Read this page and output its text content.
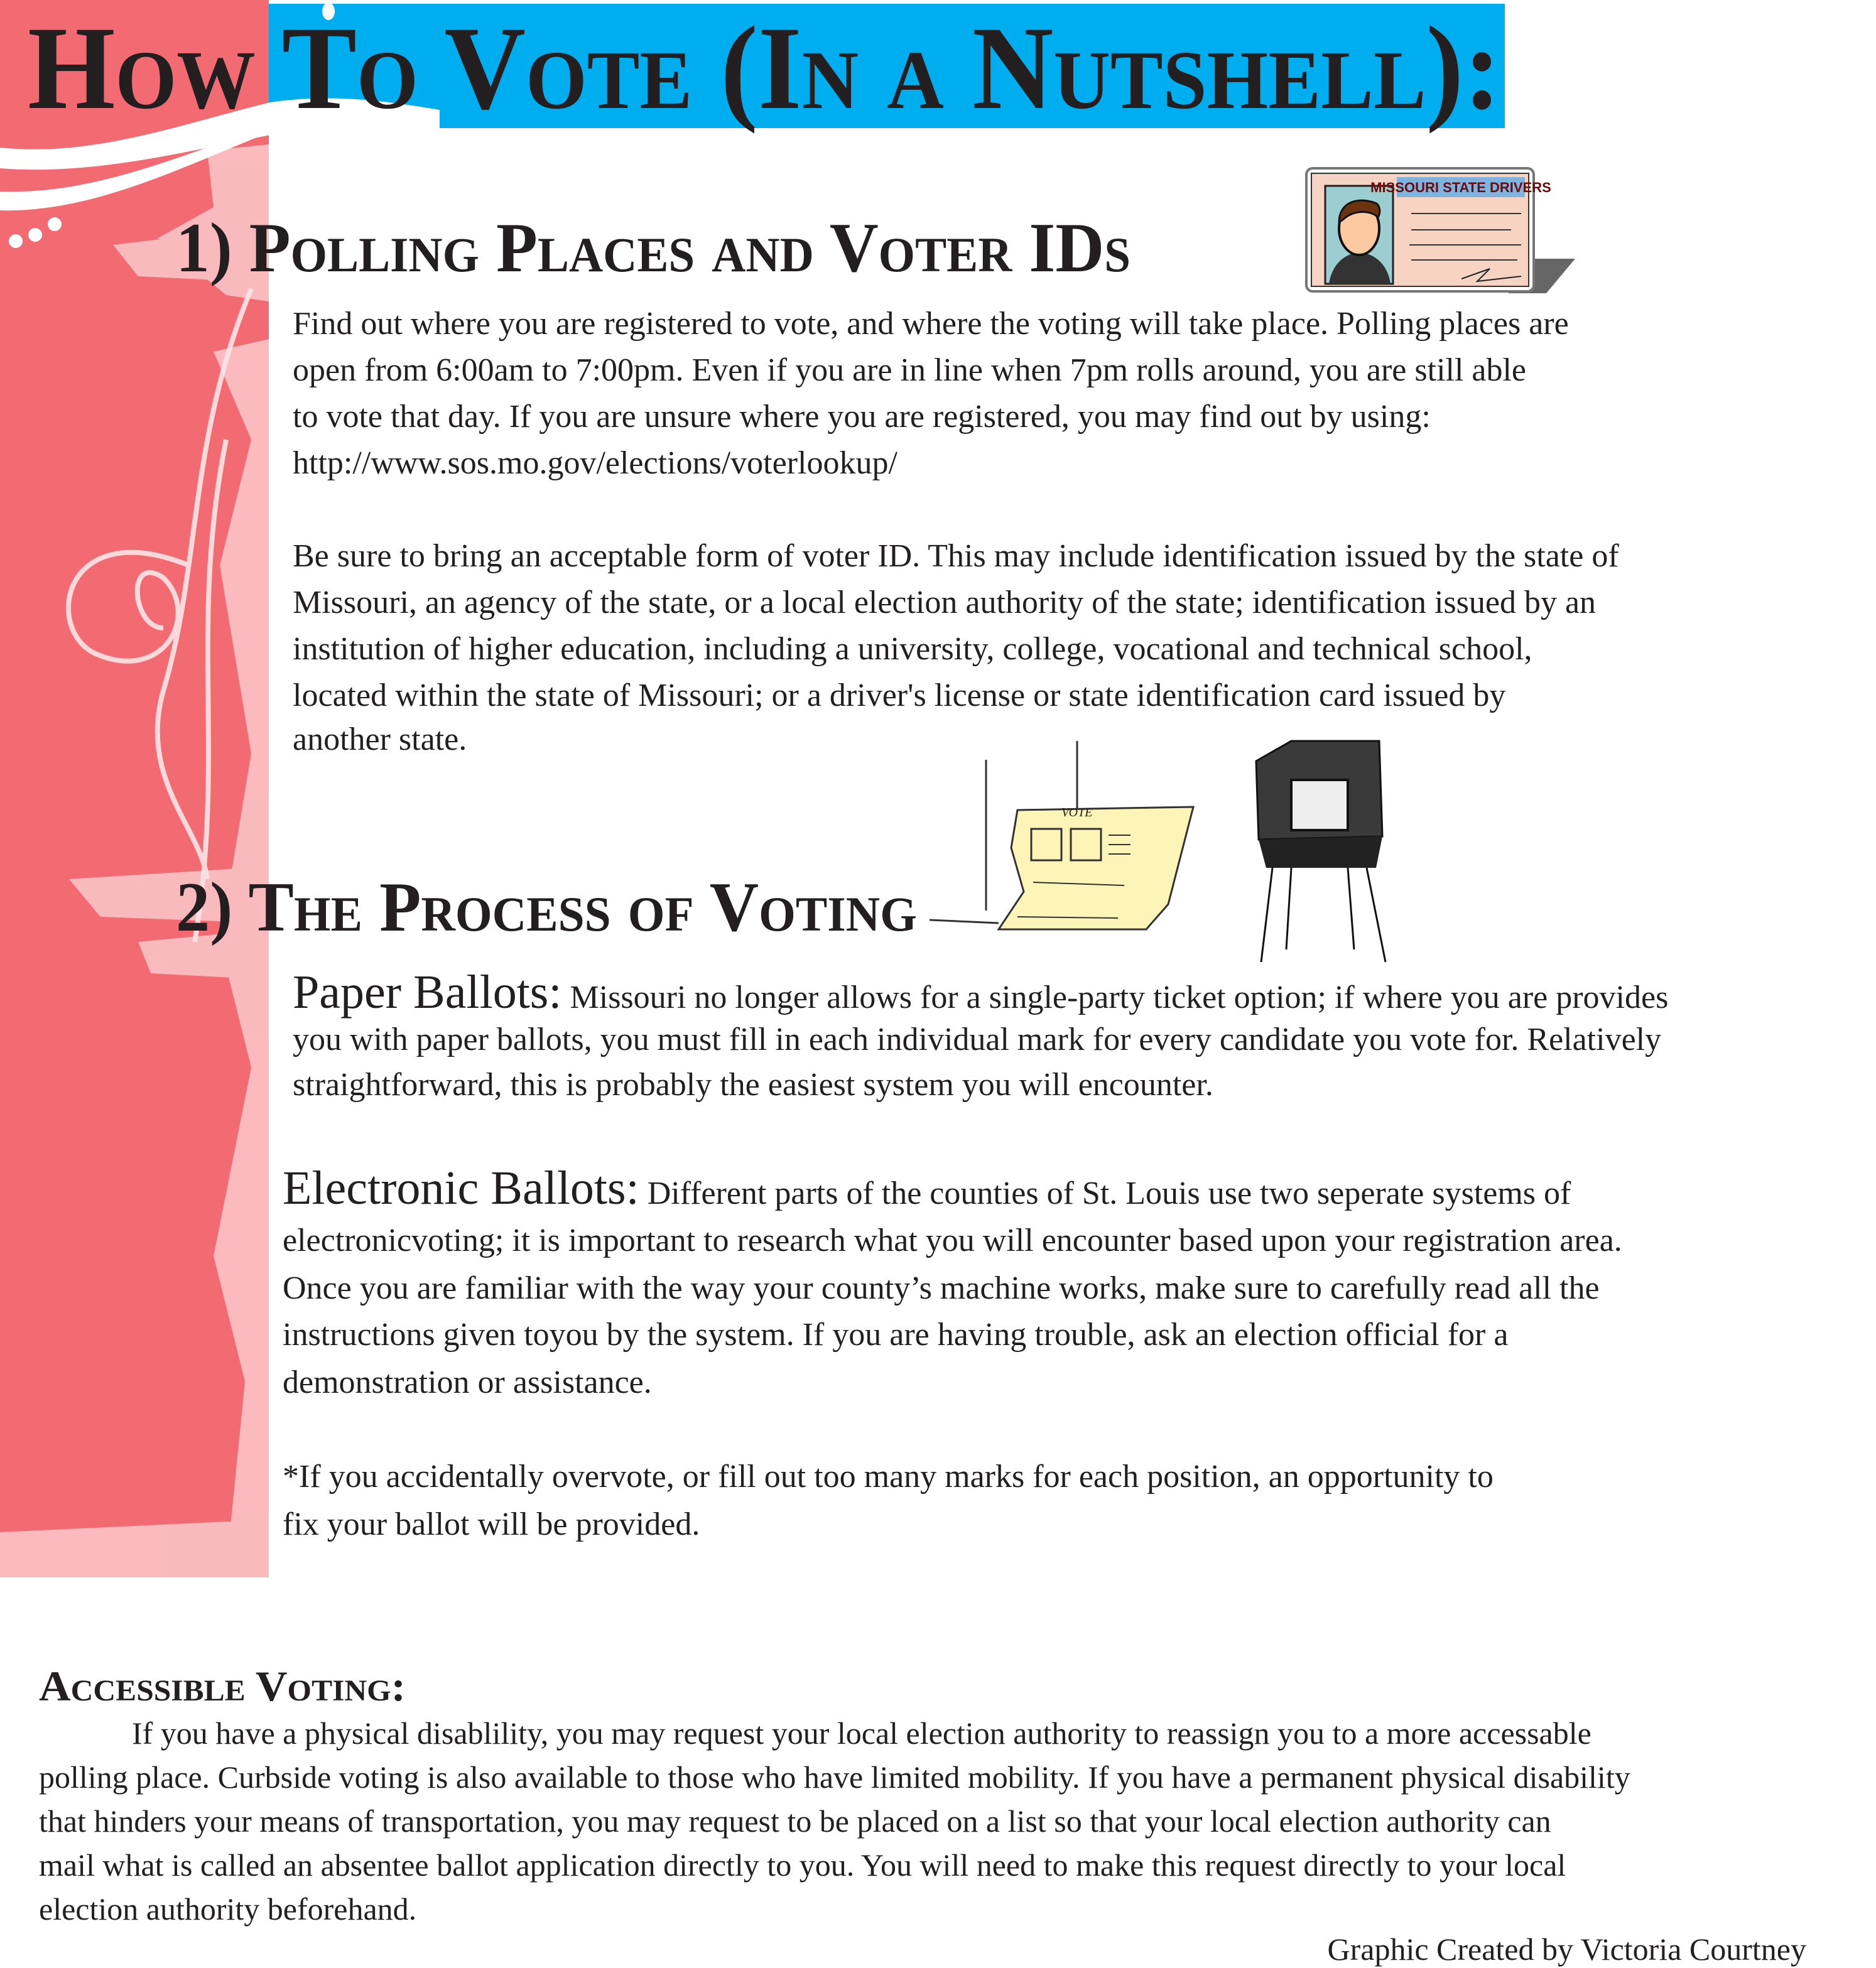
How To Vote (In a Nutshell):
1) Polling Places and Voter IDs
MISSOURI STATE DRIVERS
Find out where you are registered to vote, and where the voting will take place. Polling places are
open from 6:00am to 7:00pm. Even if you are in line when 7pm rolls around, you are still able
to vote that day. If you are unsure where you are registered, you may find out by using:
http://www.sos.mo.gov/elections/voterlookup/
Be sure to bring an acceptable form of voter ID. This may include identification issued by the state of
Missouri, an agency of the state, or a local election authority of the state; identification issued by an
institution of higher education, including a university, college, vocational and technical school,
located within the state of Missouri; or a driver's license or state identification card issued by
another state.
VOTE
2) The Process of Voting
Paper Ballots: Missouri no longer allows for a single-party ticket option; if where you are provides
you with paper ballots, you must fill in each individual mark for every candidate you vote for. Relatively
straightforward, this is probably the easiest system you will encounter.
Electronic Ballots: Different parts of the counties of St. Louis use two seperate systems of
electronicvoting; it is important to research what you will encounter based upon your registration area.
Once you are familiar with the way your county’s machine works, make sure to carefully read all the
instructions given toyou by the system. If you are having trouble, ask an election official for a
demonstration or assistance.
*If you accidentally overvote, or fill out too many marks for each position, an opportunity to
fix your ballot will be provided.
Accessible Voting:
If you have a physical disablility, you may request your local election authority to reassign you to a more accessable
polling place. Curbside voting is also available to those who have limited mobility. If you have a permanent physical disability
that hinders your means of transportation, you may request to be placed on a list so that your local election authority can
mail what is called an absentee ballot application directly to you. You will need to make this request directly to your local
election authority beforehand.
Graphic Created by Victoria Courtney
